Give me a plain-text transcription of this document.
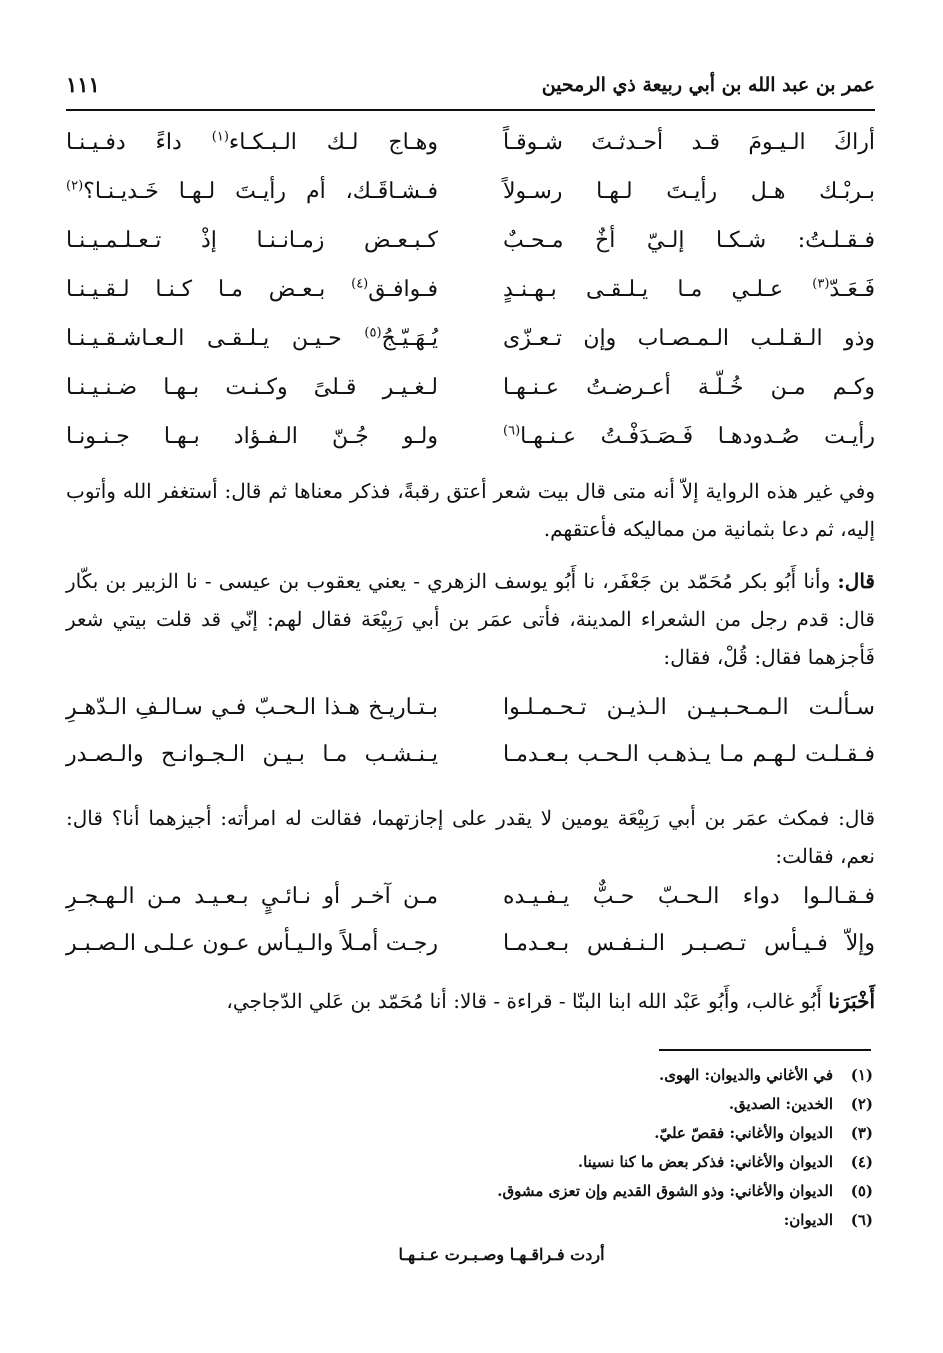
عمر بن عبد الله بن أبي ربيعة ذي الرمحين
١١١
أراكَ الـيـومَ قـد أحـدثـتَ شـوقـاً
وهـاج لـك الـبـكـاء$^{(١)}$ داءً دفـيـنـا
بـربْـك هـل رأيـتَ لـهـا رسـولاً
فـشـاقَـك، أم رأيـتَ لـهـا خَـديـنـا؟$^{(٢)}$
فـقـلـتُ: شـكـا إلـيّ أخٌ مـحـبٌ
كـبـعـض زمـانـنـا إذْ تـعـلـمـيـنـا
فَـعَـدّ$^{(٣)}$ عـلـي مـا يـلـقـى بـهـنـدٍ
فـوافـق$^{(٤)}$ بـعـض مـا كـنـا لـقـيـنـا
وذو الـقـلـب الـمـصـاب وإن تـعـزّى
يُـهَـيّـجُ$^{(٥)}$ حـيـن يـلـقـى الـعـاشـقـيـنـا
وكـم مـن خُـلّـة أعـرضـتُ عـنـهـا
لـغـيـر قـلىً وكـنـت بـهـا ضـنـيـنـا
رأيـت صُـدودهـا فَـصَـدَفْـتُ عـنـهـا$^{(٦)}$
ولـو جُـنّ الـفـؤاد بـهـا جـنـونـا

وفي غير هذه الرواية إلاّ أنه متى قال بيت شعر أعتق رقبةً، فذكر معناها ثم قال: أستغفر الله وأتوب إليه، ثم دعا بثمانية من مماليكه فأعتقهم.

قال: وأنا أَبُو بكر مُحَمّد بن جَعْفَر، نا أَبُو يوسف الزهري - يعني يعقوب بن عيسى - نا الزبير بن بكّار قال: قدم رجل من الشعراء المدينة، فأتى عمَر بن أبي رَبِيْعَة فقال لهم: إنّي قد قلت بيتي شعر فَأجزهما فقال: قُلْ، فقال:

سـألـت الـمـحـبـيـن الـذيـن تـحـمـلـوا
بـتـاريـخ هـذا الـحـبّ فـي سـالـفِ الـدّهـرِ
فـقـلـت لـهـم مـا يـذهـب الـحـب بـعـدمـا
يـنـشـب مـا بـيـن الـجـوانـح والـصـدر

قال: فمكث عمَر بن أبي رَبِيْعَة يومين لا يقدر على إجازتهما، فقالت له امرأته: أجيزهما أنا؟ قال: نعم، فقالت:

فـقـالـوا دواء الـحـبّ حـبٌّ يـفـيـده
مـن آخـر أو نـائـيٍ بـعـيـد مـن الـهـجـرِ
وإلاّ فـيـأس تـصـبـر الـنـفـس بـعـدمـا
رجـت أمـلاً والـيـأس عـون عـلـى الـصـبـر

أَخْبَرَنا أَبُو غالب، وأَبُو عَبْد الله ابنا البنّا - قراءة - قالا: أنا مُحَمّد بن عَلي الدّجاجي،

(١)
في الأغاني والديوان: الهوى.
(٢)
الخدين: الصديق.
(٣)
الديوان والأغاني: فقصّ عليّ.
(٤)
الديوان والأغاني: فذكر بعض ما كنا نسينا.
(٥)
الديوان والأغاني: وذو الشوق القديم وإن تعزى مشوق.
(٦)
الديوان:
أردت فـراقـهـا وصـبـرت عـنـهـا
